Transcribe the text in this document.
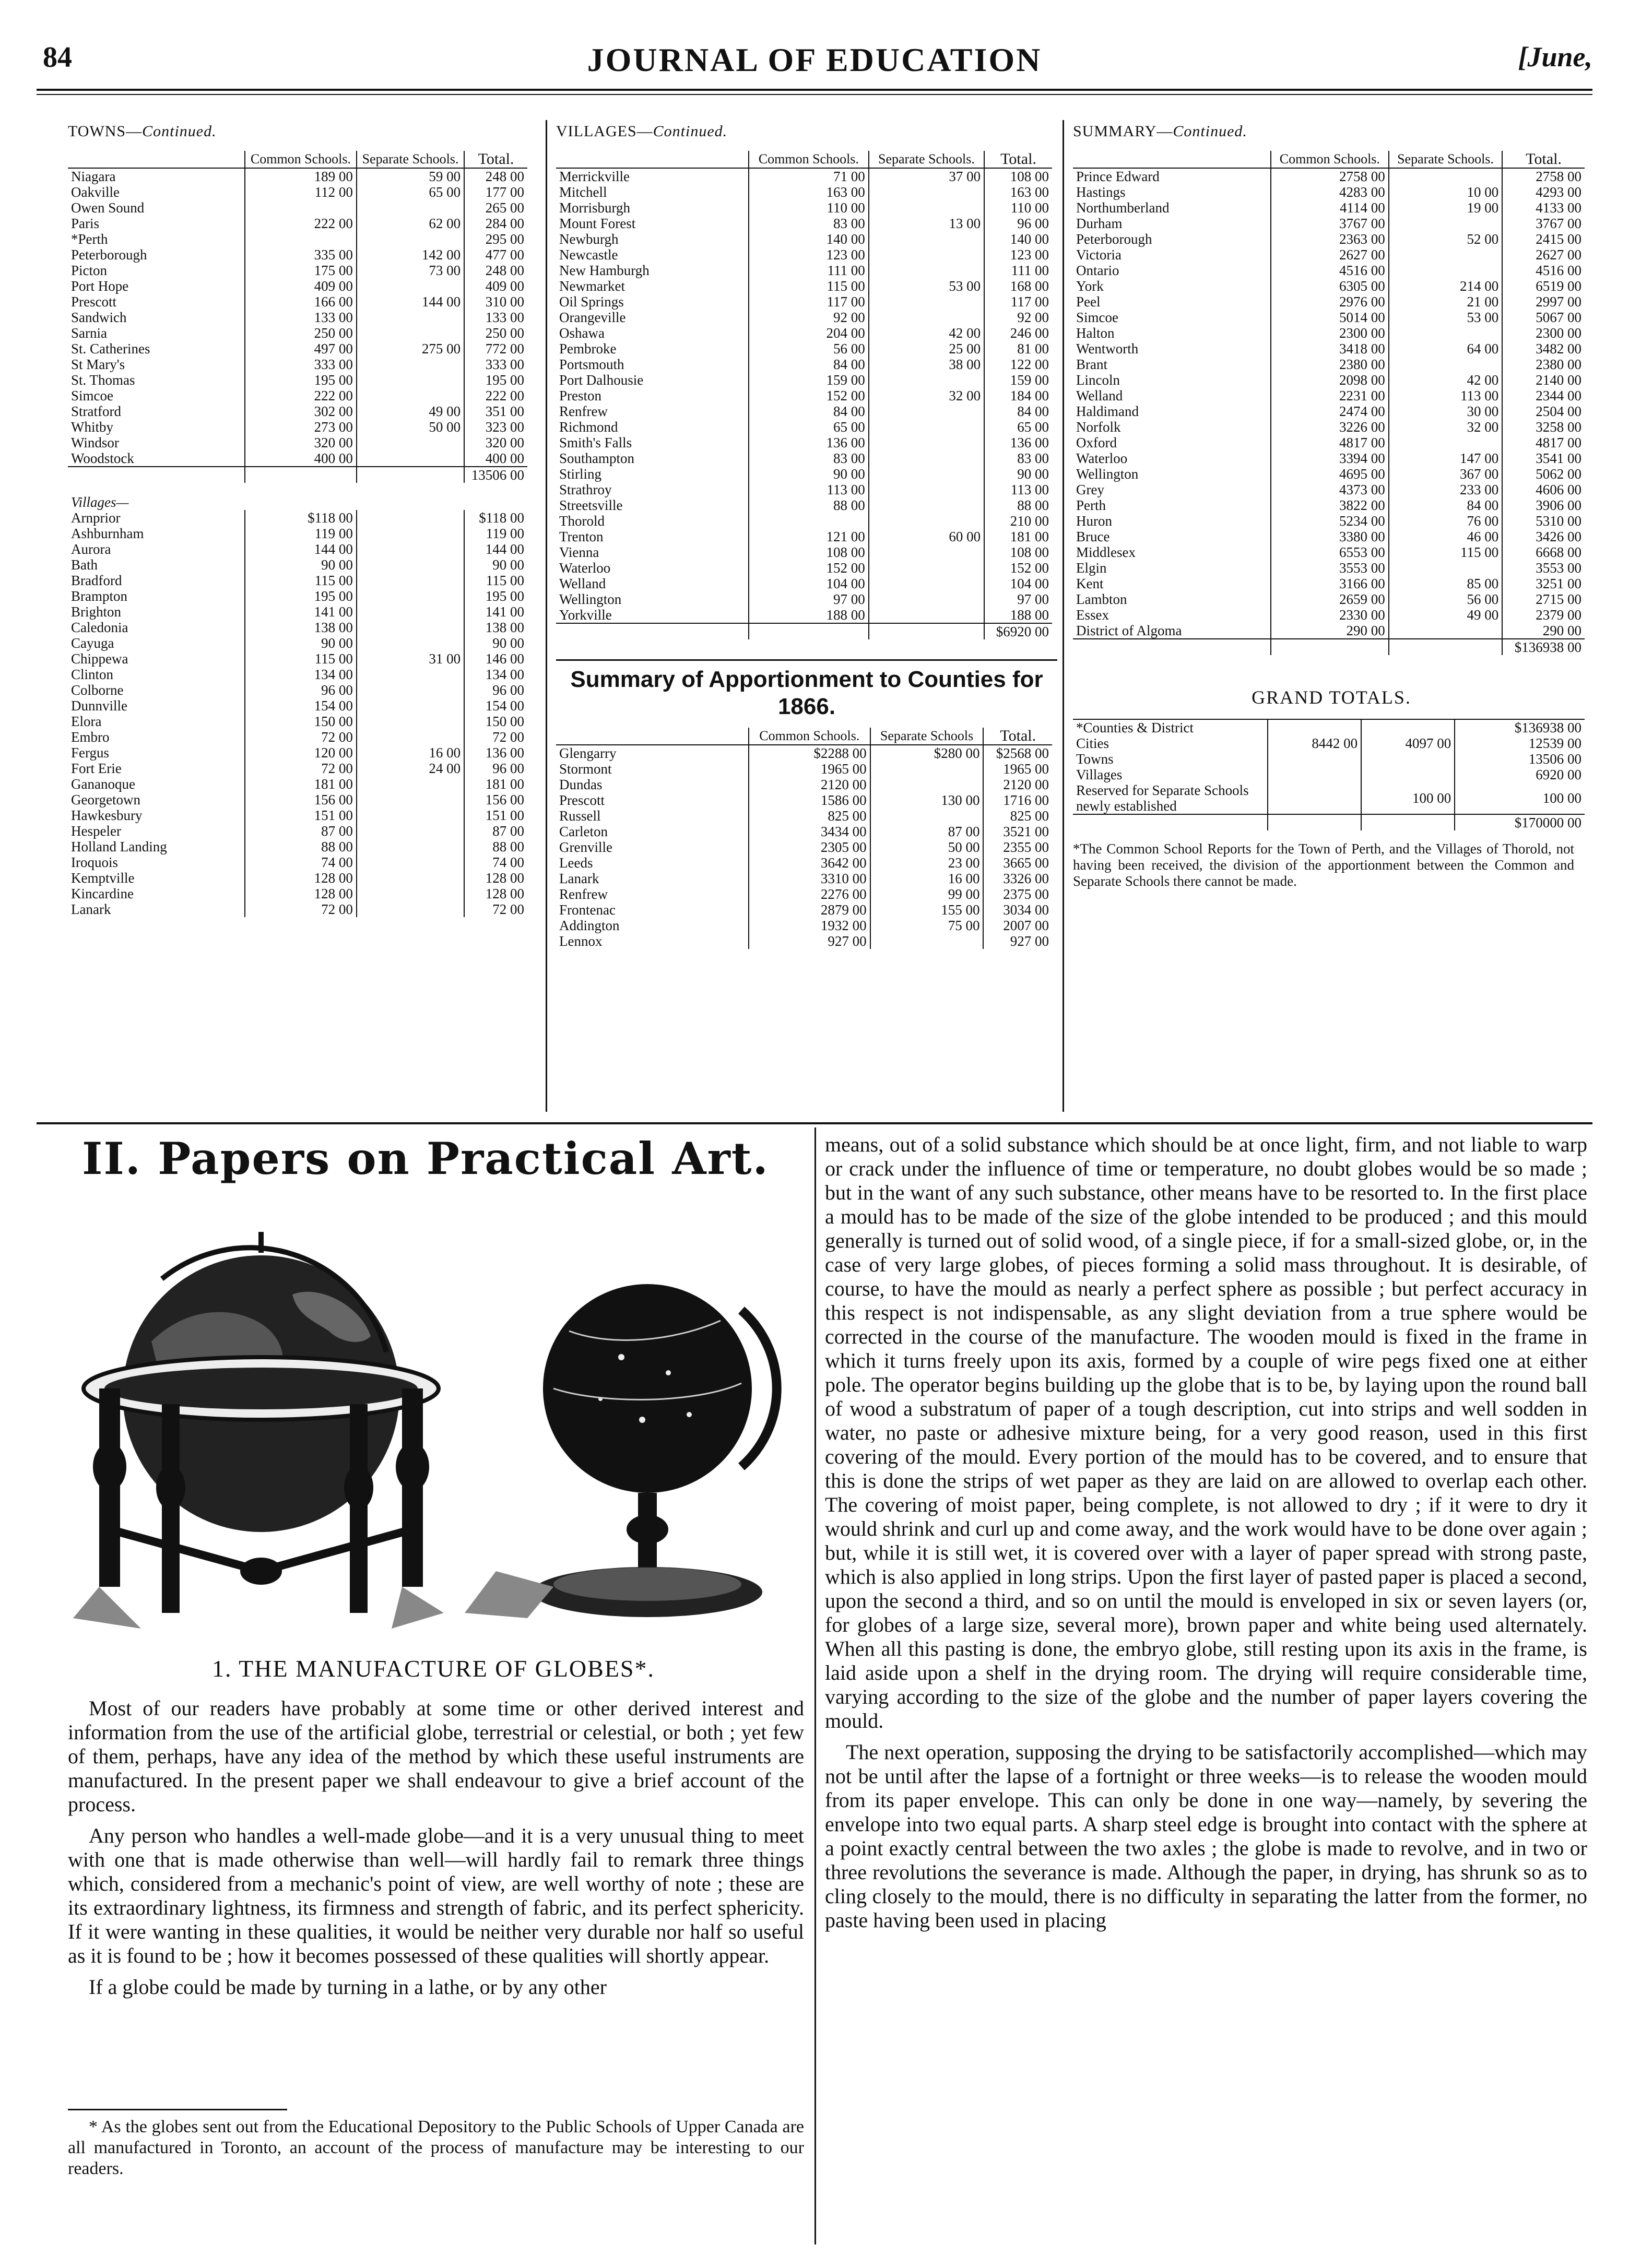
84	JOURNAL OF EDUCATION	[June,
TOWNS—Continued.
	Common Schools.	Separate Schools.	Total.
Niagara	189 00	59 00	248 00
Oakville	112 00	65 00	177 00
Owen Sound			265 00
Paris	222 00	62 00	284 00
*Perth			295 00
Peterborough	335 00	142 00	477 00
Picton	175 00	73 00	248 00
Port Hope	409 00		409 00
Prescott	166 00	144 00	310 00
Sandwich	133 00		133 00
Sarnia	250 00		250 00
St. Catherines	497 00	275 00	772 00
St Mary's	333 00		333 00
St. Thomas	195 00		195 00
Simcoe	222 00		222 00
Stratford	302 00	49 00	351 00
Whitby	273 00	50 00	323 00
Windsor	320 00		320 00
Woodstock	400 00		400 00
			13506 00
Villages—			
Arnprior	$118 00		$118 00
Ashburnham	119 00		119 00
Aurora	144 00		144 00
Bath	90 00		90 00
Bradford	115 00		115 00
Brampton	195 00		195 00
Brighton	141 00		141 00
Caledonia	138 00		138 00
Cayuga	90 00		90 00
Chippewa	115 00	31 00	146 00
Clinton	134 00		134 00
Colborne	96 00		96 00
Dunnville	154 00		154 00
Elora	150 00		150 00
Embro	72 00		72 00
Fergus	120 00	16 00	136 00
Fort Erie	72 00	24 00	96 00
Gananoque	181 00		181 00
Georgetown	156 00		156 00
Hawkesbury	151 00		151 00
Hespeler	87 00		87 00
Holland Landing	88 00		88 00
Iroquois	74 00		74 00
Kemptville	128 00		128 00
Kincardine	128 00		128 00
Lanark	72 00		72 00
VILLAGES—Continued.
	Common Schools.	Separate Schools.	Total.
Merrickville	71 00	37 00	108 00
Mitchell	163 00		163 00
Morrisburgh	110 00		110 00
Mount Forest	83 00	13 00	96 00
Newburgh	140 00		140 00
Newcastle	123 00		123 00
New Hamburgh	111 00		111 00
Newmarket	115 00	53 00	168 00
Oil Springs	117 00		117 00
Orangeville	92 00		92 00
Oshawa	204 00	42 00	246 00
Pembroke	56 00	25 00	81 00
Portsmouth	84 00	38 00	122 00
Port Dalhousie	159 00		159 00
Preston	152 00	32 00	184 00
Renfrew	84 00		84 00
Richmond	65 00		65 00
Smith's Falls	136 00		136 00
Southampton	83 00		83 00
Stirling	90 00		90 00
Strathroy	113 00		113 00
Streetsville	88 00		88 00
Thorold			210 00
Trenton	121 00	60 00	181 00
Vienna	108 00		108 00
Waterloo	152 00		152 00
Welland	104 00		104 00
Wellington	97 00		97 00
Yorkville	188 00		188 00
			$6920 00
Summary of Apportionment to Counties for 1866.
	Common Schools.	Separate Schools	Total.
Glengarry	$2288 00	$280 00	$2568 00
Stormont	1965 00		1965 00
Dundas	2120 00		2120 00
Prescott	1586 00	130 00	1716 00
Russell	825 00		825 00
Carleton	3434 00	87 00	3521 00
Grenville	2305 00	50 00	2355 00
Leeds	3642 00	23 00	3665 00
Lanark	3310 00	16 00	3326 00
Renfrew	2276 00	99 00	2375 00
Frontenac	2879 00	155 00	3034 00
Addington	1932 00	75 00	2007 00
Lennox	927 00		927 00
SUMMARY—Continued.
	Common Schools.	Separate Schools.	Total.
Prince Edward	2758 00		2758 00
Hastings	4283 00	10 00	4293 00
Northumberland	4114 00	19 00	4133 00
Durham	3767 00		3767 00
Peterborough	2363 00	52 00	2415 00
Victoria	2627 00		2627 00
Ontario	4516 00		4516 00
York	6305 00	214 00	6519 00
Peel	2976 00	21 00	2997 00
Simcoe	5014 00	53 00	5067 00
Halton	2300 00		2300 00
Wentworth	3418 00	64 00	3482 00
Brant	2380 00		2380 00
Lincoln	2098 00	42 00	2140 00
Welland	2231 00	113 00	2344 00
Haldimand	2474 00	30 00	2504 00
Norfolk	3226 00	32 00	3258 00
Oxford	4817 00		4817 00
Waterloo	3394 00	147 00	3541 00
Wellington	4695 00	367 00	5062 00
Grey	4373 00	233 00	4606 00
Perth	3822 00	84 00	3906 00
Huron	5234 00	76 00	5310 00
Bruce	3380 00	46 00	3426 00
Middlesex	6553 00	115 00	6668 00
Elgin	3553 00		3553 00
Kent	3166 00	85 00	3251 00
Lambton	2659 00	56 00	2715 00
Essex	2330 00	49 00	2379 00
District of Algoma	290 00		290 00
			$136938 00
GRAND TOTALS.
*Counties & District			$136938 00
Cities	8442 00	4097 00	12539 00
Towns			13506 00
Villages			6920 00
Reserved for Separate Schools newly established		100 00	100 00
			$170000 00
*The Common School Reports for the Town of Perth, and the Villages of Thorold, not having been received, the division of the apportionment between the Common and Separate Schools there cannot be made.
II. Papers on Practical Art.
1. THE MANUFACTURE OF GLOBES*.

Most of our readers have probably at some time or other derived interest and information from the use of the artificial globe, terrestrial or celestial, or both ; yet few of them, perhaps, have any idea of the method by which these useful instruments are manufactured. In the present paper we shall endeavour to give a brief account of the process.

Any person who handles a well-made globe—and it is a very unusual thing to meet with one that is made otherwise than well—will hardly fail to remark three things which, considered from a mechanic's point of view, are well worthy of note ; these are its extraordinary lightness, its firmness and strength of fabric, and its perfect sphericity. If it were wanting in these qualities, it would be neither very durable nor half so useful as it is found to be ; how it becomes possessed of these qualities will shortly appear.

If a globe could be made by turning in a lathe, or by any other

* As the globes sent out from the Educational Depository to the Public Schools of Upper Canada are all manufactured in Toronto, an account of the process of manufacture may be interesting to our readers.

means, out of a solid substance which should be at once light, firm, and not liable to warp or crack under the influence of time or temperature, no doubt globes would be so made ; but in the want of any such substance, other means have to be resorted to. In the first place a mould has to be made of the size of the globe intended to be produced ; and this mould generally is turned out of solid wood, of a single piece, if for a small-sized globe, or, in the case of very large globes, of pieces forming a solid mass throughout. It is desirable, of course, to have the mould as nearly a perfect sphere as possible ; but perfect accuracy in this respect is not indispensable, as any slight deviation from a true sphere would be corrected in the course of the manufacture. The wooden mould is fixed in the frame in which it turns freely upon its axis, formed by a couple of wire pegs fixed one at either pole. The operator begins building up the globe that is to be, by laying upon the round ball of wood a substratum of paper of a tough description, cut into strips and well sodden in water, no paste or adhesive mixture being, for a very good reason, used in this first covering of the mould. Every portion of the mould has to be covered, and to ensure that this is done the strips of wet paper as they are laid on are allowed to overlap each other. The covering of moist paper, being complete, is not allowed to dry ; if it were to dry it would shrink and curl up and come away, and the work would have to be done over again ; but, while it is still wet, it is covered over with a layer of paper spread with strong paste, which is also applied in long strips. Upon the first layer of pasted paper is placed a second, upon the second a third, and so on until the mould is enveloped in six or seven layers (or, for globes of a large size, several more), brown paper and white being used alternately. When all this pasting is done, the embryo globe, still resting upon its axis in the frame, is laid aside upon a shelf in the drying room. The drying will require considerable time, varying according to the size of the globe and the number of paper layers covering the mould.

The next operation, supposing the drying to be satisfactorily accomplished—which may not be until after the lapse of a fortnight or three weeks—is to release the wooden mould from its paper envelope. This can only be done in one way—namely, by severing the envelope into two equal parts. A sharp steel edge is brought into contact with the sphere at a point exactly central between the two axles ; the globe is made to revolve, and in two or three revolutions the severance is made. Although the paper, in drying, has shrunk so as to cling closely to the mould, there is no difficulty in separating the latter from the former, no paste having been used in placing
